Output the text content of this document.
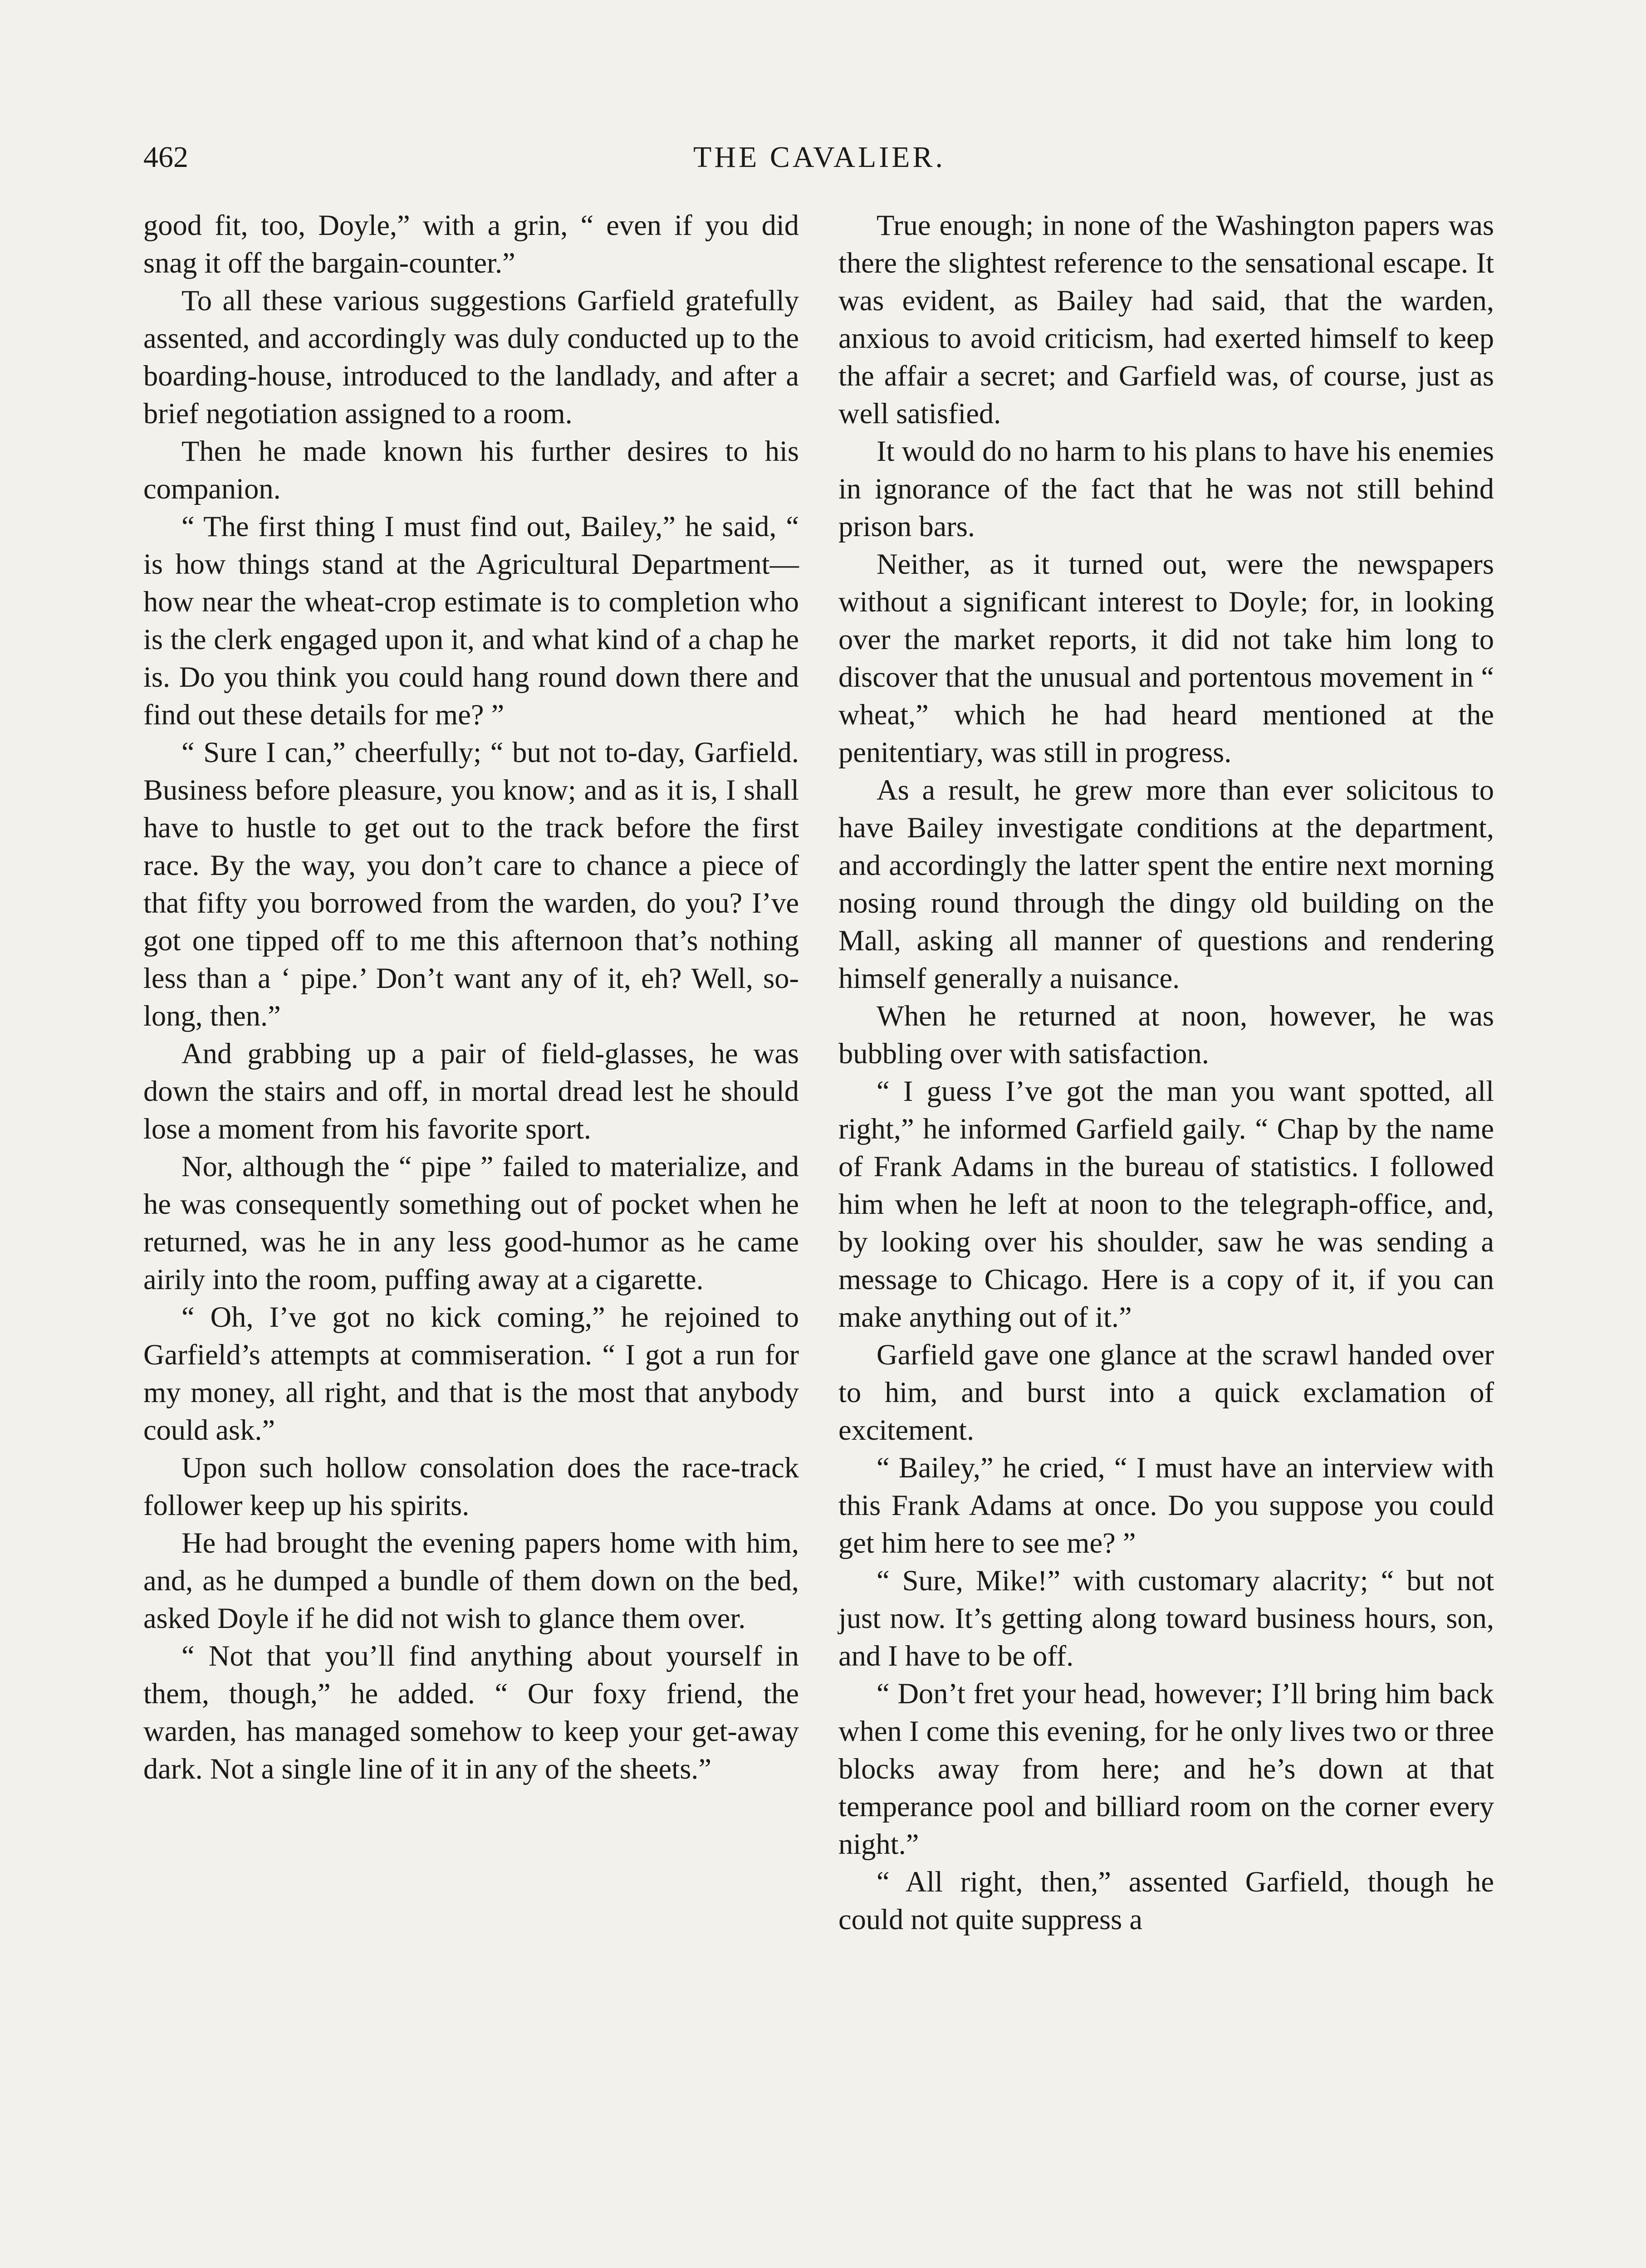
462	THE CAVALIER.

good fit, too, Doyle,” with a grin, “ even if you did snag it off the bargain-counter.”

To all these various suggestions Garfield gratefully assented, and accordingly was duly conducted up to the boarding-house, introduced to the landlady, and after a brief negotiation assigned to a room.

Then he made known his further desires to his companion.

“ The first thing I must find out, Bailey,” he said, “ is how things stand at the Agricultural Department—how near the wheat-crop estimate is to completion who is the clerk engaged upon it, and what kind of a chap he is. Do you think you could hang round down there and find out these details for me? ”

“ Sure I can,” cheerfully; “ but not to-day, Garfield. Business before pleasure, you know; and as it is, I shall have to hustle to get out to the track before the first race. By the way, you don’t care to chance a piece of that fifty you borrowed from the warden, do you? I’ve got one tipped off to me this afternoon that’s nothing less than a ‘ pipe.’ Don’t want any of it, eh? Well, so-long, then.”

And grabbing up a pair of field-glasses, he was down the stairs and off, in mortal dread lest he should lose a moment from his favorite sport.

Nor, although the “ pipe ” failed to materialize, and he was consequently something out of pocket when he returned, was he in any less good-humor as he came airily into the room, puffing away at a cigarette.

“ Oh, I’ve got no kick coming,” he rejoined to Garfield’s attempts at commiseration. “ I got a run for my money, all right, and that is the most that anybody could ask.”

Upon such hollow consolation does the race-track follower keep up his spirits.

He had brought the evening papers home with him, and, as he dumped a bundle of them down on the bed, asked Doyle if he did not wish to glance them over.

“ Not that you’ll find anything about yourself in them, though,” he added. “ Our foxy friend, the warden, has managed somehow to keep your get-away dark. Not a single line of it in any of the sheets.”

True enough; in none of the Washington papers was there the slightest reference to the sensational escape. It was evident, as Bailey had said, that the warden, anxious to avoid criticism, had exerted himself to keep the affair a secret; and Garfield was, of course, just as well satisfied.

It would do no harm to his plans to have his enemies in ignorance of the fact that he was not still behind prison bars.

Neither, as it turned out, were the newspapers without a significant interest to Doyle; for, in looking over the market reports, it did not take him long to discover that the unusual and portentous movement in “ wheat,” which he had heard mentioned at the penitentiary, was still in progress.

As a result, he grew more than ever solicitous to have Bailey investigate conditions at the department, and accordingly the latter spent the entire next morning nosing round through the dingy old building on the Mall, asking all manner of questions and rendering himself generally a nuisance.

When he returned at noon, however, he was bubbling over with satisfaction.

“ I guess I’ve got the man you want spotted, all right,” he informed Garfield gaily. “ Chap by the name of Frank Adams in the bureau of statistics. I followed him when he left at noon to the telegraph-office, and, by looking over his shoulder, saw he was sending a message to Chicago. Here is a copy of it, if you can make anything out of it.”

Garfield gave one glance at the scrawl handed over to him, and burst into a quick exclamation of excitement.

“ Bailey,” he cried, “ I must have an interview with this Frank Adams at once. Do you suppose you could get him here to see me? ”

“ Sure, Mike!” with customary alacrity; “ but not just now. It’s getting along toward business hours, son, and I have to be off.

“ Don’t fret your head, however; I’ll bring him back when I come this evening, for he only lives two or three blocks away from here; and he’s down at that temperance pool and billiard room on the corner every night.”

“ All right, then,” assented Garfield, though he could not quite suppress a
